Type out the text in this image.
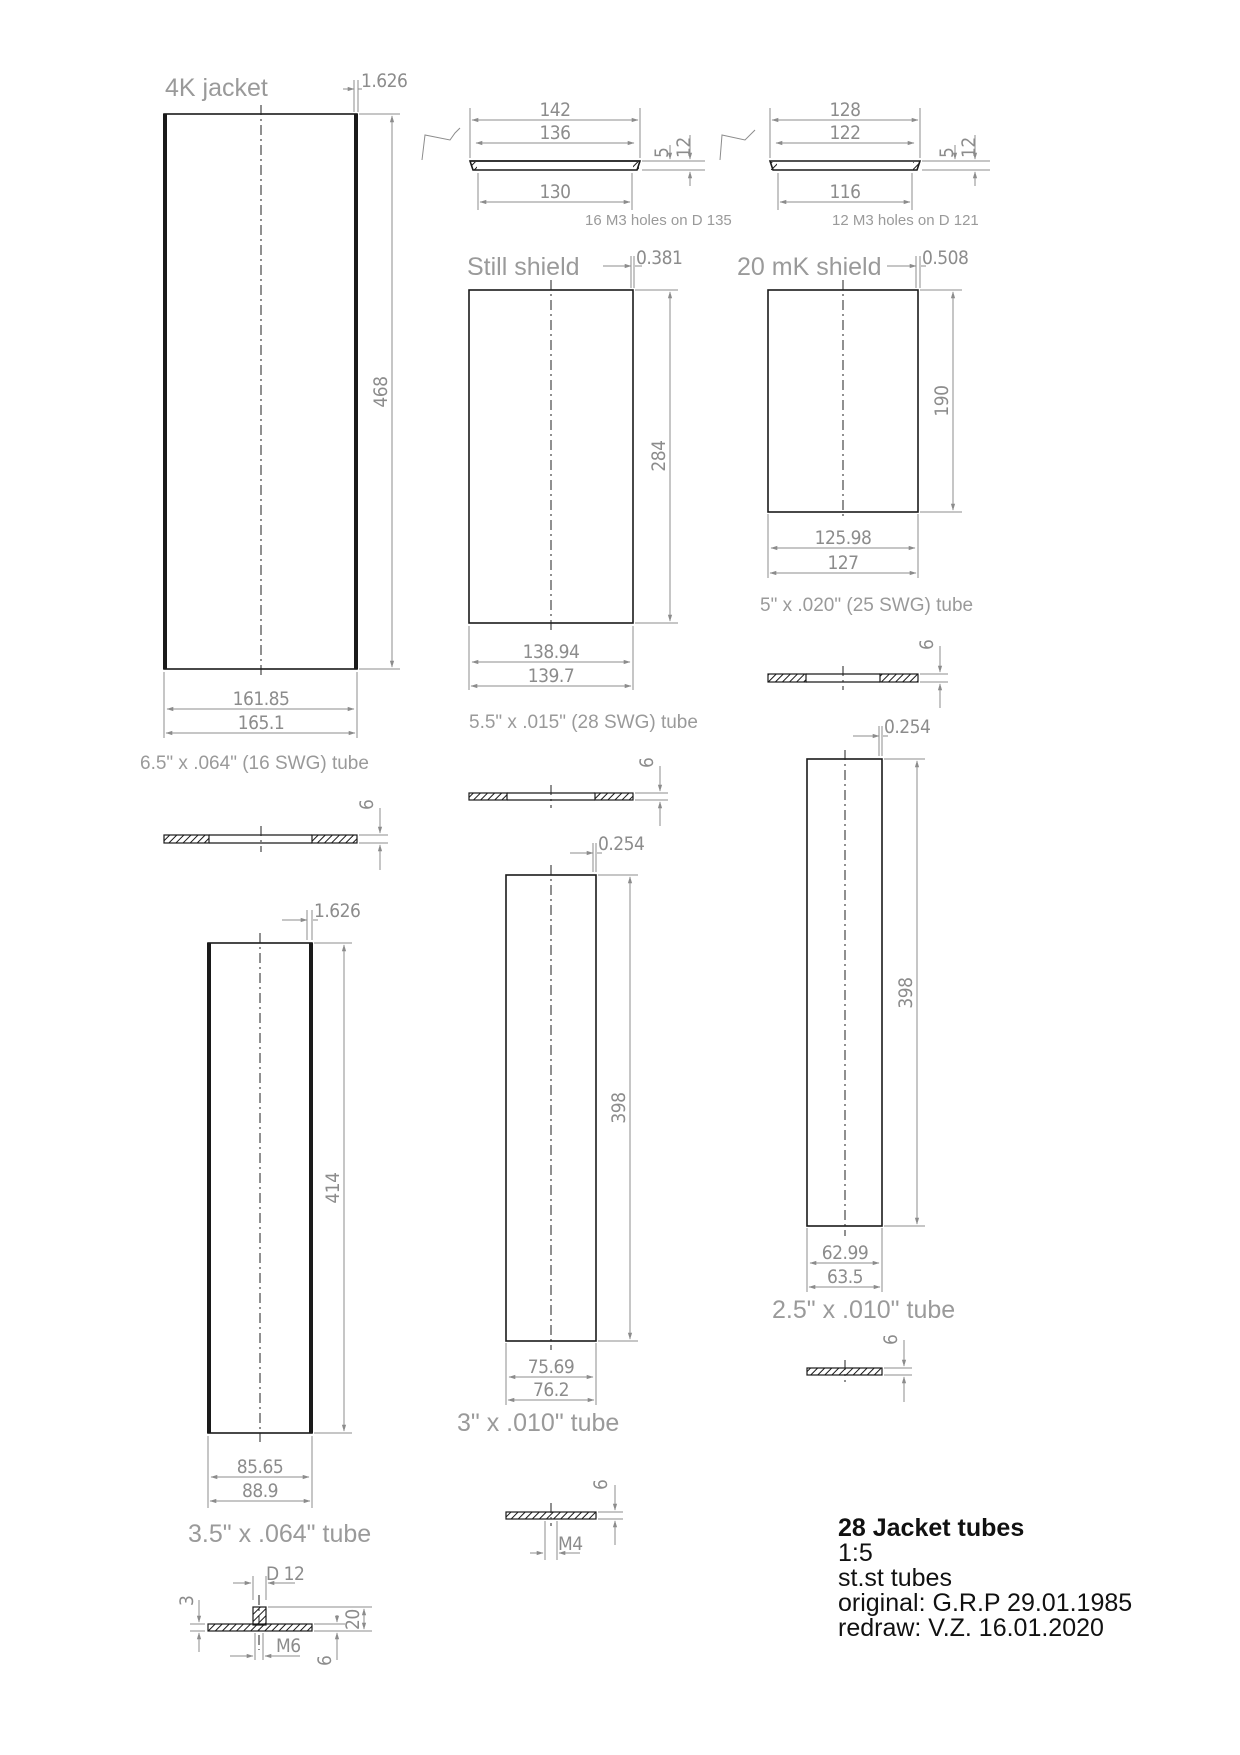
4K jacket	1.626
468
161.85
165.1
6.5" x .064" (16 SWG) tube
6
142
136
130
5 12
16 M3 holes on D 135
128
122
116
5 12
12 M3 holes on D 121
Still shield	0.381
284
138.94
139.7
5.5" x .015" (28 SWG) tube
6
20 mK shield 0.508
190
125.98
127
5" x .020" (25 SWG) tube
6
0.254
398
62.99
63.5
2.5" x .010" tube
6
0.254
398
75.69
76.2
3" x .010" tube
M4
6
1.626
414
85.65
88.9
3.5" x .064" tube
D 12
3
20
6
M6
28 Jacket tubes
1:5
st.st tubes
original: G.R.P 29.01.1985
redraw: V.Z. 16.01.2020
